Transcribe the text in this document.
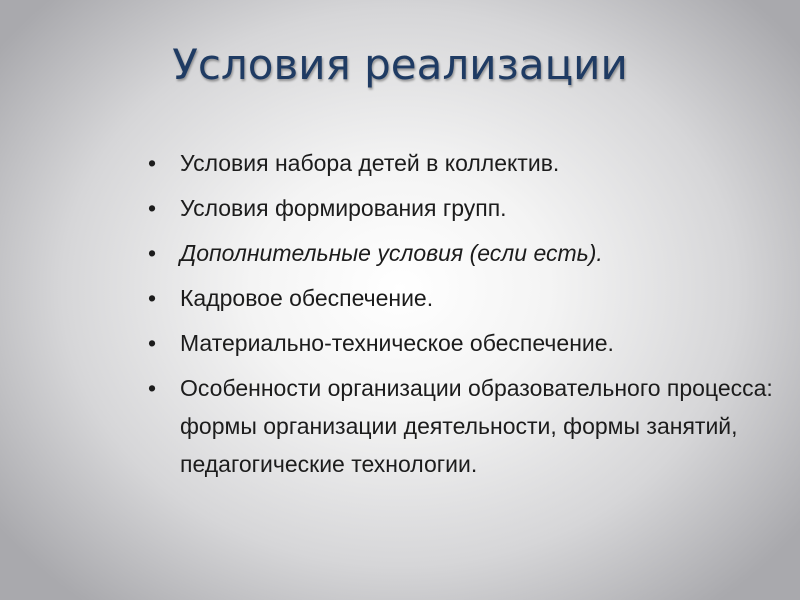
Условия реализации
•	Условия набора детей в коллектив.
•	Условия формирования групп.
•	Дополнительные условия (если есть).
•	Кадровое обеспечение.
•	Материально-техническое обеспечение.
•	Особенности организации образовательного процесса: формы организации деятельности, формы занятий, педагогические технологии.
